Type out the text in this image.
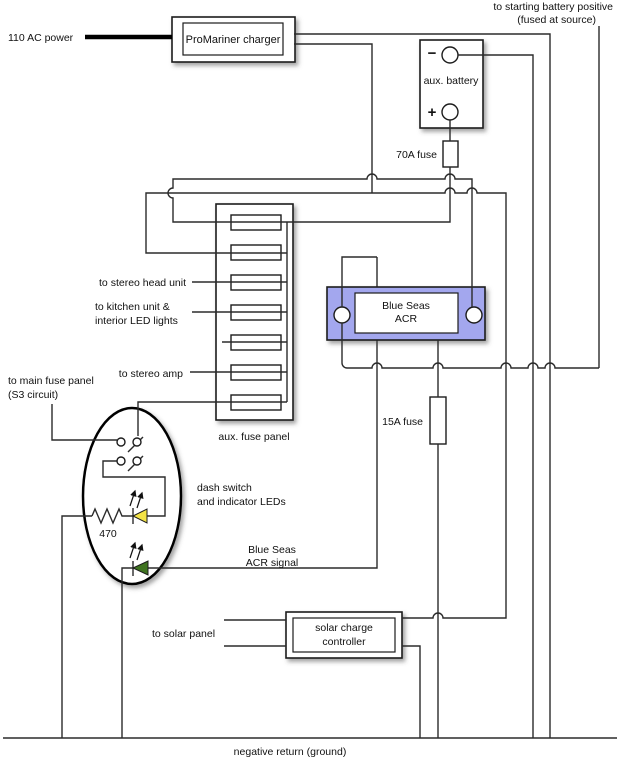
110 AC power	ProMariner charger
to starting battery positive
(fused at source)
−
aux. battery
+
70A fuse
to stereo head unit
to kitchen unit &
interior LED lights
to stereo amp
aux. fuse panel
Blue Seas
ACR
15A fuse
to main fuse panel
(S3 circuit)
dash switch
and indicator LEDs
470
Blue Seas
ACR signal
to solar panel	solar charge
controller
negative return (ground)
